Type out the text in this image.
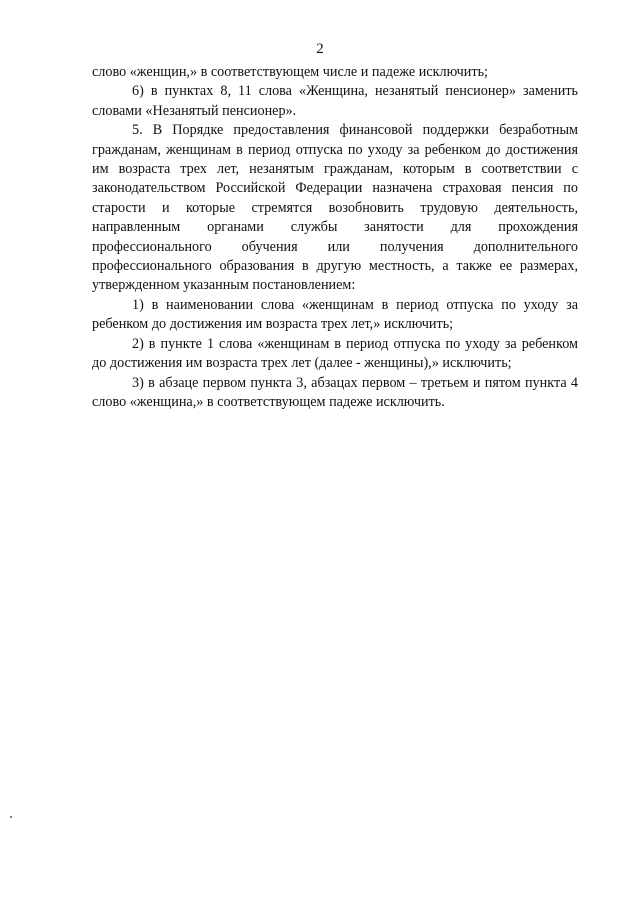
2

слово «женщин,» в соответствующем числе и падеже исключить;

6) в пунктах 8, 11 слова «Женщина, незанятый пенсионер» заменить словами «Незанятый пенсионер».

5. В Порядке предоставления финансовой поддержки безработным гражданам, женщинам в период отпуска по уходу за ребенком до достижения им возраста трех лет, незанятым гражданам, которым в соответствии с законодательством Российской Федерации назначена страховая пенсия по старости и которые стремятся возобновить трудовую деятельность, направленным органами службы занятости для прохождения профессионального обучения или получения дополнительного профессионального образования в другую местность, а также ее размерах, утвержденном указанным постановлением:

1) в наименовании слова «женщинам в период отпуска по уходу за ребенком до достижения им возраста трех лет,» исключить;

2) в пункте 1 слова «женщинам в период отпуска по уходу за ребенком до достижения им возраста трех лет (далее - женщины),» исключить;

3) в абзаце первом пункта 3, абзацах первом – третьем и пятом пункта 4 слово «женщина,» в соответствующем падеже исключить.
